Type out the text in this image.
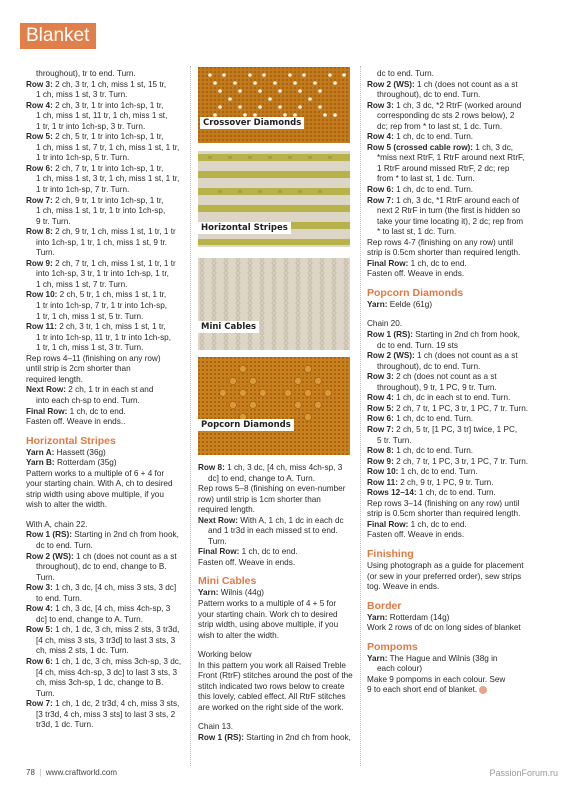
Blanket

throughout), tr to end. Turn.

Row 3: 2 ch, 3 tr, 1 ch, miss 1 st, 15 tr,

1 ch, miss 1 st, 3 tr. Turn.

Row 4: 2 ch, 3 tr, 1 tr into 1ch-sp, 1 tr,

1 ch, miss 1 st, 11 tr, 1 ch, miss 1 st,

1 tr, 1 tr into 1ch-sp, 3 tr. Turn.

Row 5: 2 ch, 5 tr, 1 tr into 1ch-sp, 1 tr,

1 ch, miss 1 st, 7 tr, 1 ch, miss 1 st, 1 tr,

1 tr into 1ch-sp, 5 tr. Turn.

Row 6: 2 ch, 7 tr, 1 tr into 1ch-sp, 1 tr,

1 ch, miss 1 st, 3 tr, 1 ch, miss 1 st, 1 tr,

1 tr into 1ch-sp, 7 tr. Turn.

Row 7: 2 ch, 9 tr, 1 tr into 1ch-sp, 1 tr,

1 ch, miss 1 st, 1 tr, 1 tr into 1ch-sp,

9 tr. Turn.

Row 8: 2 ch, 9 tr, 1 ch, miss 1 st, 1 tr, 1 tr

into 1ch-sp, 1 tr, 1 ch, miss 1 st, 9 tr. Turn.

Row 9: 2 ch, 7 tr, 1 ch, miss 1 st, 1 tr, 1 tr

into 1ch-sp, 3 tr, 1 tr into 1ch-sp, 1 tr,

1 ch, miss 1 st, 7 tr. Turn.

Row 10: 2 ch, 5 tr, 1 ch, miss 1 st, 1 tr,

1 tr into 1ch-sp, 7 tr, 1 tr into 1ch-sp,

1 tr, 1 ch, miss 1 st, 5 tr. Turn.

Row 11: 2 ch, 3 tr, 1 ch, miss 1 st, 1 tr,

1 tr into 1ch-sp, 11 tr, 1 tr into 1ch-sp,

1 tr, 1 ch, miss 1 st, 3 tr. Turn.

Rep rows 4–11 (finishing on any row)

until strip is 2cm shorter than

required length.

Next Row: 2 ch, 1 tr in each st and

into each ch-sp to end. Turn.

Final Row: 1 ch, dc to end.

Fasten off. Weave in ends..

Horizontal Stripes

Yarn A: Hassett (36g)

Yarn B: Rotterdam (35g)

Pattern works to a multiple of 6 + 4 for

your starting chain. With A, ch to desired

strip width using above multiple, if you

wish to alter the width.

With A, chain 22.

Row 1 (RS): Starting in 2nd ch from hook,

dc to end. Turn.

Row 2 (WS): 1 ch (does not count as a st

throughout), dc to end, change to B. Turn.

Row 3: 1 ch, 3 dc, [4 ch, miss 3 sts, 3 dc]

to end. Turn.

Row 4: 1 ch, 3 dc, [4 ch, miss 4ch-sp, 3

dc] to end, change to A. Turn.

Row 5: 1 ch, 1 dc, 3 ch, miss 2 sts, 3 tr3d,

[4 ch, miss 3 sts, 3 tr3d] to last 3 sts, 3

ch, miss 2 sts, 1 dc. Turn.

Row 6: 1 ch, 1 dc, 3 ch, miss 3ch-sp, 3 dc,

[4 ch, miss 4ch-sp, 3 dc] to last 3 sts, 3

ch, miss 3ch-sp, 1 dc, change to B. Turn.

Row 7: 1 ch, 1 dc, 2 tr3d, 4 ch, miss 3 sts,

[3 tr3d, 4 ch, miss 3 sts] to last 3 sts, 2

tr3d, 1 dc. Turn.

Row 8: 1 ch, 3 dc, [4 ch, miss 4ch-sp, 3

dc] to end, change to A. Turn.

Rep rows 5–8 (finishing on even-number

row) until strip is 1cm shorter than

required length.

Next Row: With A, 1 ch, 1 dc in each dc

and 1 tr3d in each missed st to end. Turn.

Final Row: 1 ch, dc to end.

Fasten off. Weave in ends.

Mini Cables

Yarn: Wilnis (44g)

Pattern works to a multiple of 4 + 5 for

your starting chain. Work ch to desired

strip width, using above multiple, if you

wish to alter the width.

Working below

In this pattern you work all Raised Treble

Front (RtrF) stitches around the post of the

stitch indicated two rows below to create

this lovely, cabled effect. All RtrF stitches

are worked on the right side of the work.

Chain 13.

Row 1 (RS): Starting in 2nd ch from hook,

dc to end. Turn.

Row 2 (WS): 1 ch (does not count as a st

throughout), dc to end. Turn.

Row 3: 1 ch, 3 dc, *2 RtrF (worked around

corresponding dc sts 2 rows below), 2

dc; rep from * to last st, 1 dc. Turn.

Row 4: 1 ch, dc to end. Turn.

Row 5 (crossed cable row): 1 ch, 3 dc,

*miss next RtrF, 1 RtrF around next RtrF,

1 RtrF around missed RtrF, 2 dc; rep

from * to last st, 1 dc. Turn.

Row 6: 1 ch, dc to end. Turn.

Row 7: 1 ch, 3 dc, *1 RtrF around each of

next 2 RtrF in turn (the first is hidden so

take your time locating it), 2 dc; rep from

* to last st, 1 dc. Turn.

Rep rows 4-7 (finishing on any row) until

strip is 0.5cm shorter than required length.

Final Row: 1 ch, dc to end.

Fasten off. Weave in ends.

Popcorn Diamonds

Yarn: Eelde (61g)

Chain 20.

Row 1 (RS): Starting in 2nd ch from hook,

dc to end. Turn. 19 sts

Row 2 (WS): 1 ch (does not count as a st

throughout), dc to end. Turn.

Row 3: 2 ch (does not count as a st

throughout), 9 tr, 1 PC, 9 tr. Turn.

Row 4: 1 ch, dc in each st to end. Turn.

Row 5: 2 ch, 7 tr, 1 PC, 3 tr, 1 PC, 7 tr. Turn.

Row 6: 1 ch, dc to end. Turn.

Row 7: 2 ch, 5 tr, [1 PC, 3 tr] twice, 1 PC,

5 tr. Turn.

Row 8: 1 ch, dc to end. Turn.

Row 9: 2 ch, 7 tr, 1 PC, 3 tr, 1 PC, 7 tr. Turn.

Row 10: 1 ch, dc to end. Turn.

Row 11: 2 ch, 9 tr, 1 PC, 9 tr. Turn.

Rows 12–14: 1 ch, dc to end. Turn.

Rep rows 3–14 (finishing on any row) until

strip is 0.5cm shorter than required length.

Final Row: 1 ch, dc to end.

Fasten off. Weave in ends.

Finishing

Using photograph as a guide for placement

(or sew in your preferred order), sew strips

tog. Weave in ends.

Border

Yarn: Rotterdam (14g)

Work 2 rows of dc on long sides of blanket

Pompoms

Yarn: The Hague and Wilnis (38g in

each colour)

Make 9 pompoms in each colour. Sew

9 to each short end of blanket.

Crossover Diamonds
Horizontal Stripes
Mini Cables
Popcorn Diamonds
78  |  www.craftworld.com	PassionForum.ru
